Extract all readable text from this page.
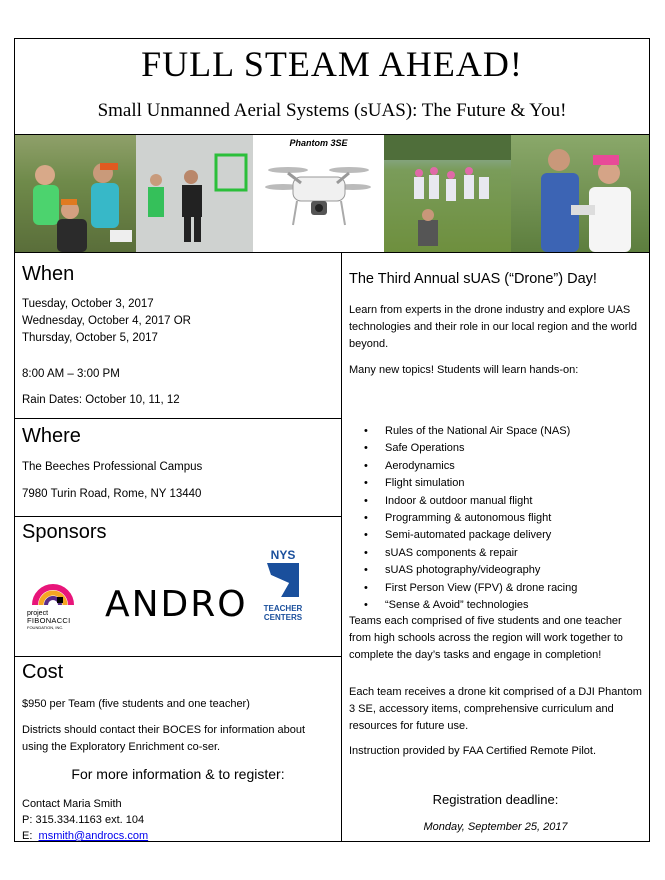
FULL STEAM AHEAD!
Small Unmanned Aerial Systems (sUAS): The Future & You!
Phantom 3SE
When
Tuesday, October 3, 2017
Wednesday, October 4, 2017 OR
Thursday, October 5, 2017
8:00 AM – 3:00 PM
Rain Dates: October 10, 11, 12
Where
The Beeches Professional Campus
7980 Turin Road, Rome, NY 13440
Sponsors
project
FIBONACCI
FOUNDATION, INC.
ANDRO
NYS
TEACHER
CENTERS
Cost
$950 per Team (five students and one teacher)
Districts should contact their BOCES for information about
using the Exploratory Enrichment co-ser.
For more information & to register:
Contact Maria Smith
P: 315.334.1163 ext. 104
E: msmith@androcs.com
The Third Annual sUAS (“Drone”) Day!
Learn from experts in the drone industry and explore UAS technologies and their role in our local region and the world beyond.
Many new topics! Students will learn hands-on:
• Rules of the National Air Space (NAS)
• Safe Operations
• Aerodynamics
• Flight simulation
• Indoor & outdoor manual flight
• Programming & autonomous flight
• Semi-automated package delivery
• sUAS components & repair
• sUAS photography/videography
• First Person View (FPV) & drone racing
• “Sense & Avoid” technologies
Teams each comprised of five students and one teacher from high schools across the region will work together to complete the day’s tasks and engage in completion!
Each team receives a drone kit comprised of a DJI Phantom 3 SE, accessory items, comprehensive curriculum and resources for future use.
Instruction provided by FAA Certified Remote Pilot.
Registration deadline:
Monday, September 25, 2017
